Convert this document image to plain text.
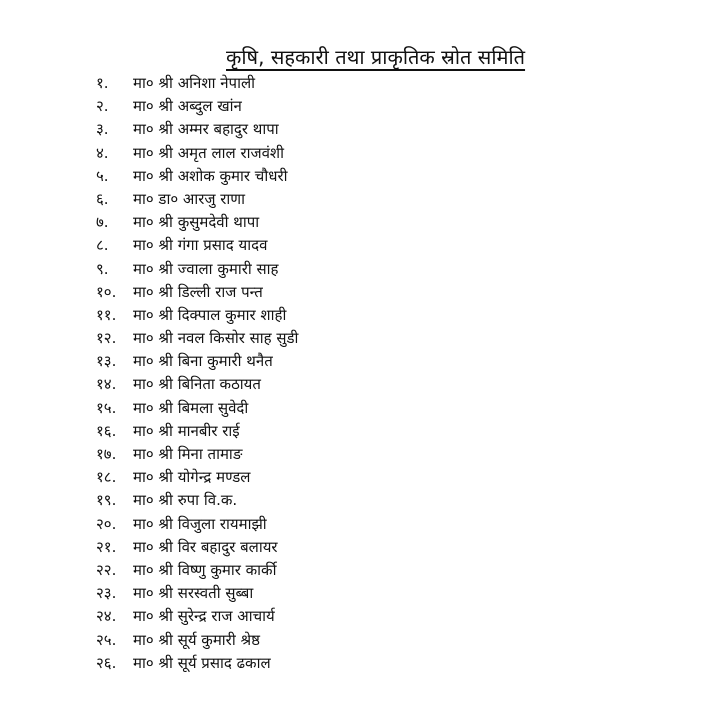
कृषि, सहकारी तथा प्राकृतिक स्रोत समिति
१. मा० श्री अनिशा नेपाली
२. मा० श्री अब्दुल खांन
३. मा० श्री अम्मर बहादुर थापा
४. मा० श्री अमृत लाल राजवंशी
५. मा० श्री अशोक कुमार चौधरी
६. मा० डा० आरजु राणा
७. मा० श्री कुसुमदेवी थापा
८. मा० श्री गंगा प्रसाद यादव
९. मा० श्री ज्वाला कुमारी साह
१०. मा० श्री डिल्ली राज पन्त
११. मा० श्री दिक्पाल कुमार शाही
१२. मा० श्री नवल किसोर साह सुडी
१३. मा० श्री बिना कुमारी थनैत
१४. मा० श्री बिनिता कठायत
१५. मा० श्री बिमला सुवेदी
१६. मा० श्री मानबीर राई
१७. मा० श्री मिना तामाङ
१८. मा० श्री योगेन्द्र मण्डल
१९. मा० श्री रुपा वि.क.
२०. मा० श्री विजुला रायमाझी
२१. मा० श्री विर बहादुर बलायर
२२. मा० श्री विष्णु कुमार कार्की
२३. मा० श्री सरस्वती सुब्बा
२४. मा० श्री सुरेन्द्र राज आचार्य
२५. मा० श्री सूर्य कुमारी श्रेष्ठ
२६. मा० श्री सूर्य प्रसाद ढकाल
